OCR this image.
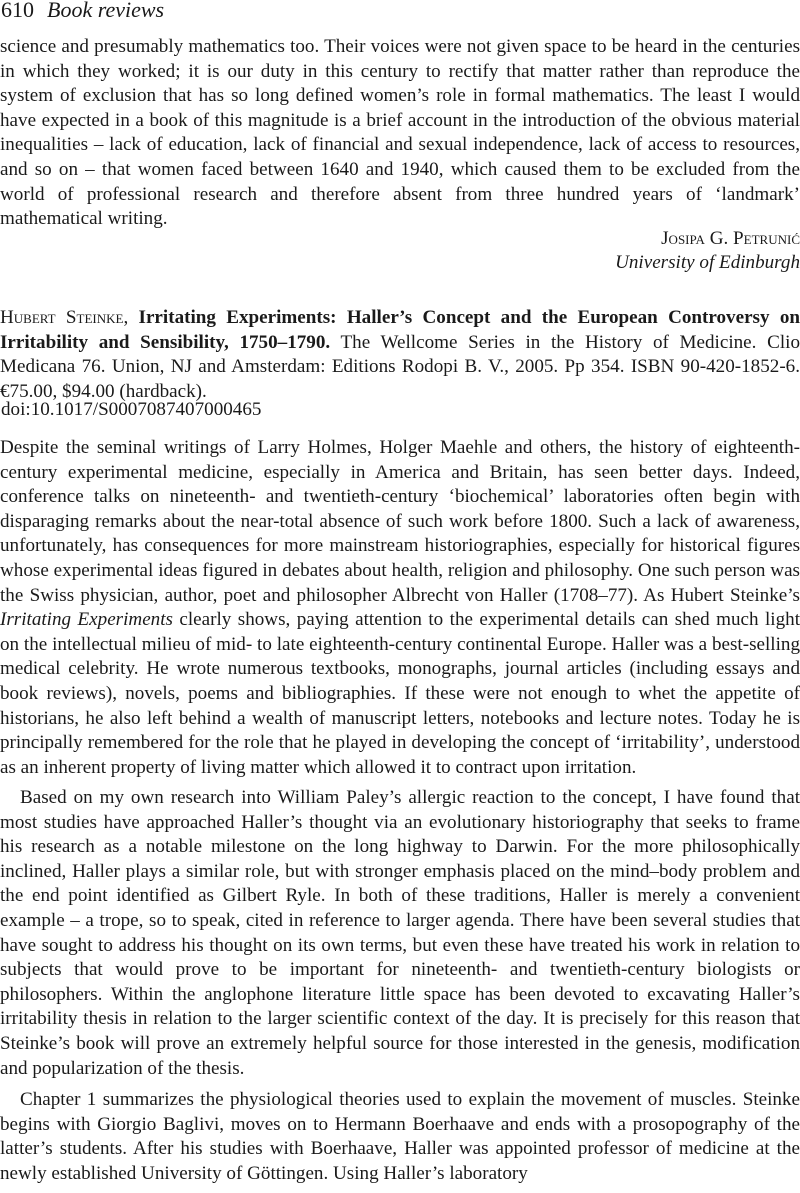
610 Book reviews

science and presumably mathematics too. Their voices were not given space to be heard in the centuries in which they worked; it is our duty in this century to rectify that matter rather than reproduce the system of exclusion that has so long defined women’s role in formal mathematics. The least I would have expected in a book of this magnitude is a brief account in the introduction of the obvious material inequalities – lack of education, lack of financial and sexual independence, lack of access to resources, and so on – that women faced between 1640 and 1940, which caused them to be excluded from the world of professional research and therefore absent from three hundred years of ‘landmark’ mathematical writing.

Josipa G. Petrunić
University of Edinburgh

Hubert Steinke, Irritating Experiments: Haller’s Concept and the European Controversy on Irritability and Sensibility, 1750–1790. The Wellcome Series in the History of Medicine. Clio Medicana 76. Union, NJ and Amsterdam: Editions Rodopi B. V., 2005. Pp 354. ISBN 90-420-1852-6. €75.00, $94.00 (hardback).

doi:10.1017/S0007087407000465

Despite the seminal writings of Larry Holmes, Holger Maehle and others, the history of eighteenth-century experimental medicine, especially in America and Britain, has seen better days. Indeed, conference talks on nineteenth- and twentieth-century ‘biochemical’ laboratories often begin with disparaging remarks about the near-total absence of such work before 1800. Such a lack of awareness, unfortunately, has consequences for more mainstream historiographies, especially for historical figures whose experimental ideas figured in debates about health, religion and philosophy. One such person was the Swiss physician, author, poet and philosopher Albrecht von Haller (1708–77). As Hubert Steinke’s Irritating Experiments clearly shows, paying attention to the experimental details can shed much light on the intellectual milieu of mid- to late eighteenth-century continental Europe. Haller was a best-selling medical celebrity. He wrote numerous textbooks, monographs, journal articles (including essays and book reviews), novels, poems and bibliographies. If these were not enough to whet the appetite of historians, he also left behind a wealth of manuscript letters, notebooks and lecture notes. Today he is principally remembered for the role that he played in developing the concept of ‘irritability’, understood as an inherent property of living matter which allowed it to contract upon irritation.

Based on my own research into William Paley’s allergic reaction to the concept, I have found that most studies have approached Haller’s thought via an evolutionary historiography that seeks to frame his research as a notable milestone on the long highway to Darwin. For the more philosophically inclined, Haller plays a similar role, but with stronger emphasis placed on the mind–body problem and the end point identified as Gilbert Ryle. In both of these traditions, Haller is merely a convenient example – a trope, so to speak, cited in reference to larger agenda. There have been several studies that have sought to address his thought on its own terms, but even these have treated his work in relation to subjects that would prove to be important for nineteenth- and twentieth-century biologists or philosophers. Within the anglophone literature little space has been devoted to excavating Haller’s irritability thesis in relation to the larger scientific context of the day. It is precisely for this reason that Steinke’s book will prove an extremely helpful source for those interested in the genesis, modification and popularization of the thesis.

Chapter 1 summarizes the physiological theories used to explain the movement of muscles. Steinke begins with Giorgio Baglivi, moves on to Hermann Boerhaave and ends with a prosopography of the latter’s students. After his studies with Boerhaave, Haller was appointed professor of medicine at the newly established University of Göttingen. Using Haller’s laboratory
